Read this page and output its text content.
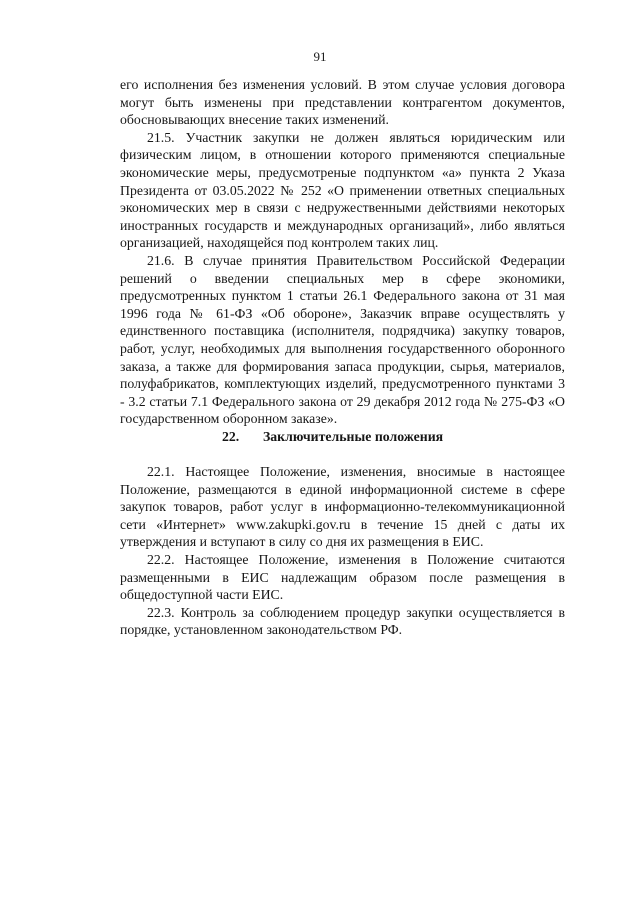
91
его исполнения без изменения условий. В этом случае условия договора
могут быть изменены при представлении контрагентом документов,
обосновывающих внесение таких изменений.
21.5. Участник закупки не должен являться юридическим или
физическим лицом, в отношении которого применяются специальные
экономические меры, предусмотреные подпунктом «а» пункта 2 Указа
Президента от 03.05.2022 № 252 «О применении ответных специальных
экономических мер в связи с недружественными действиями некоторых
иностранных государств и международных организаций», либо являться
организацией, находящейся под контролем таких лиц.
21.6. В случае принятия Правительством Российской Федерации
решений о введении специальных мер в сфере экономики,
предусмотренных пунктом 1 статьи 26.1 Федерального закона от 31 мая
1996 года № 61-ФЗ «Об обороне», Заказчик вправе осуществлять у
единственного поставщика (исполнителя, подрядчика) закупку товаров,
работ, услуг, необходимых для выполнения государственного оборонного
заказа, а также для формирования запаса продукции, сырья, материалов,
полуфабрикатов, комплектующих изделий, предусмотренного пунктами 3
- 3.2 статьи 7.1 Федерального закона от 29 декабря 2012 года № 275-ФЗ «О
государственном оборонном заказе».
22. Заключительные положения
22.1. Настоящее Положение, изменения, вносимые в настоящее
Положение, размещаются в единой информационной системе в сфере
закупок товаров, работ услуг в информационно-телекоммуникационной
сети «Интернет» www.zakupki.gov.ru в течение 15 дней с даты их
утверждения и вступают в силу со дня их размещения в ЕИС.
22.2. Настоящее Положение, изменения в Положение считаются
размещенными в ЕИС надлежащим образом после размещения в
общедоступной части ЕИС.
22.3. Контроль за соблюдением процедур закупки осуществляется в
порядке, установленном законодательством РФ.
